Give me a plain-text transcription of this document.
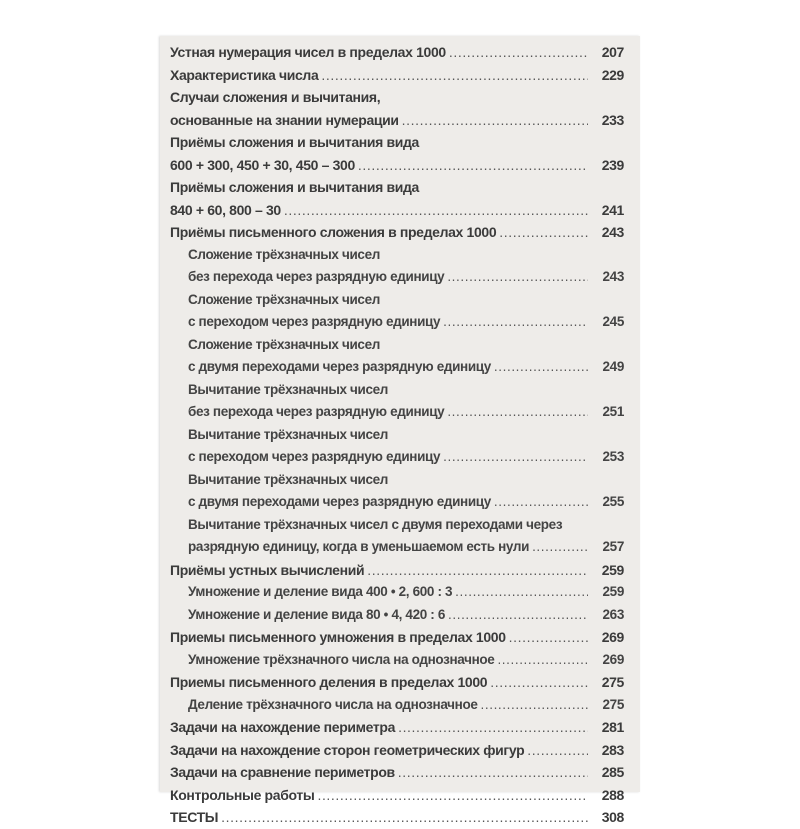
Устная нумерация чисел в пределах 1000 .....	207
Характеристика числа .....	229
Случаи сложения и вычитания,
основанные на знании нумерации .....	233
Приёмы сложения и вычитания вида
600 + 300, 450 + 30, 450 – 300 .....	239
Приёмы сложения и вычитания вида
840 + 60, 800 – 30 .....	241
Приёмы письменного сложения в пределах 1000 .....	243
Сложение трёхзначных чисел
без перехода через разрядную единицу .....	243
Сложение трёхзначных чисел
с переходом через разрядную единицу .....	245
Сложение трёхзначных чисел
с двумя переходами через разрядную единицу .....	249
Вычитание трёхзначных чисел
без перехода через разрядную единицу .....	251
Вычитание трёхзначных чисел
с переходом через разрядную единицу .....	253
Вычитание трёхзначных чисел
с двумя переходами через разрядную единицу .....	255
Вычитание трёхзначных чисел с двумя переходами через
разрядную единицу, когда в уменьшаемом есть нули .....	257
Приёмы устных вычислений .....	259
Умножение и деление вида 400 • 2, 600 : 3 .....	259
Умножение и деление вида 80 • 4, 420 : 6 .....	263
Приемы письменного умножения в пределах 1000 .....	269
Умножение трёхзначного числа на однозначное .....	269
Приемы письменного деления в пределах 1000 .....	275
Деление трёхзначного числа на однозначное .....	275
Задачи на нахождение периметра .....	281
Задачи на нахождение сторон геометрических фигур .....	283
Задачи на сравнение периметров .....	285
Контрольные работы .....	288
ТЕСТЫ .....	308
